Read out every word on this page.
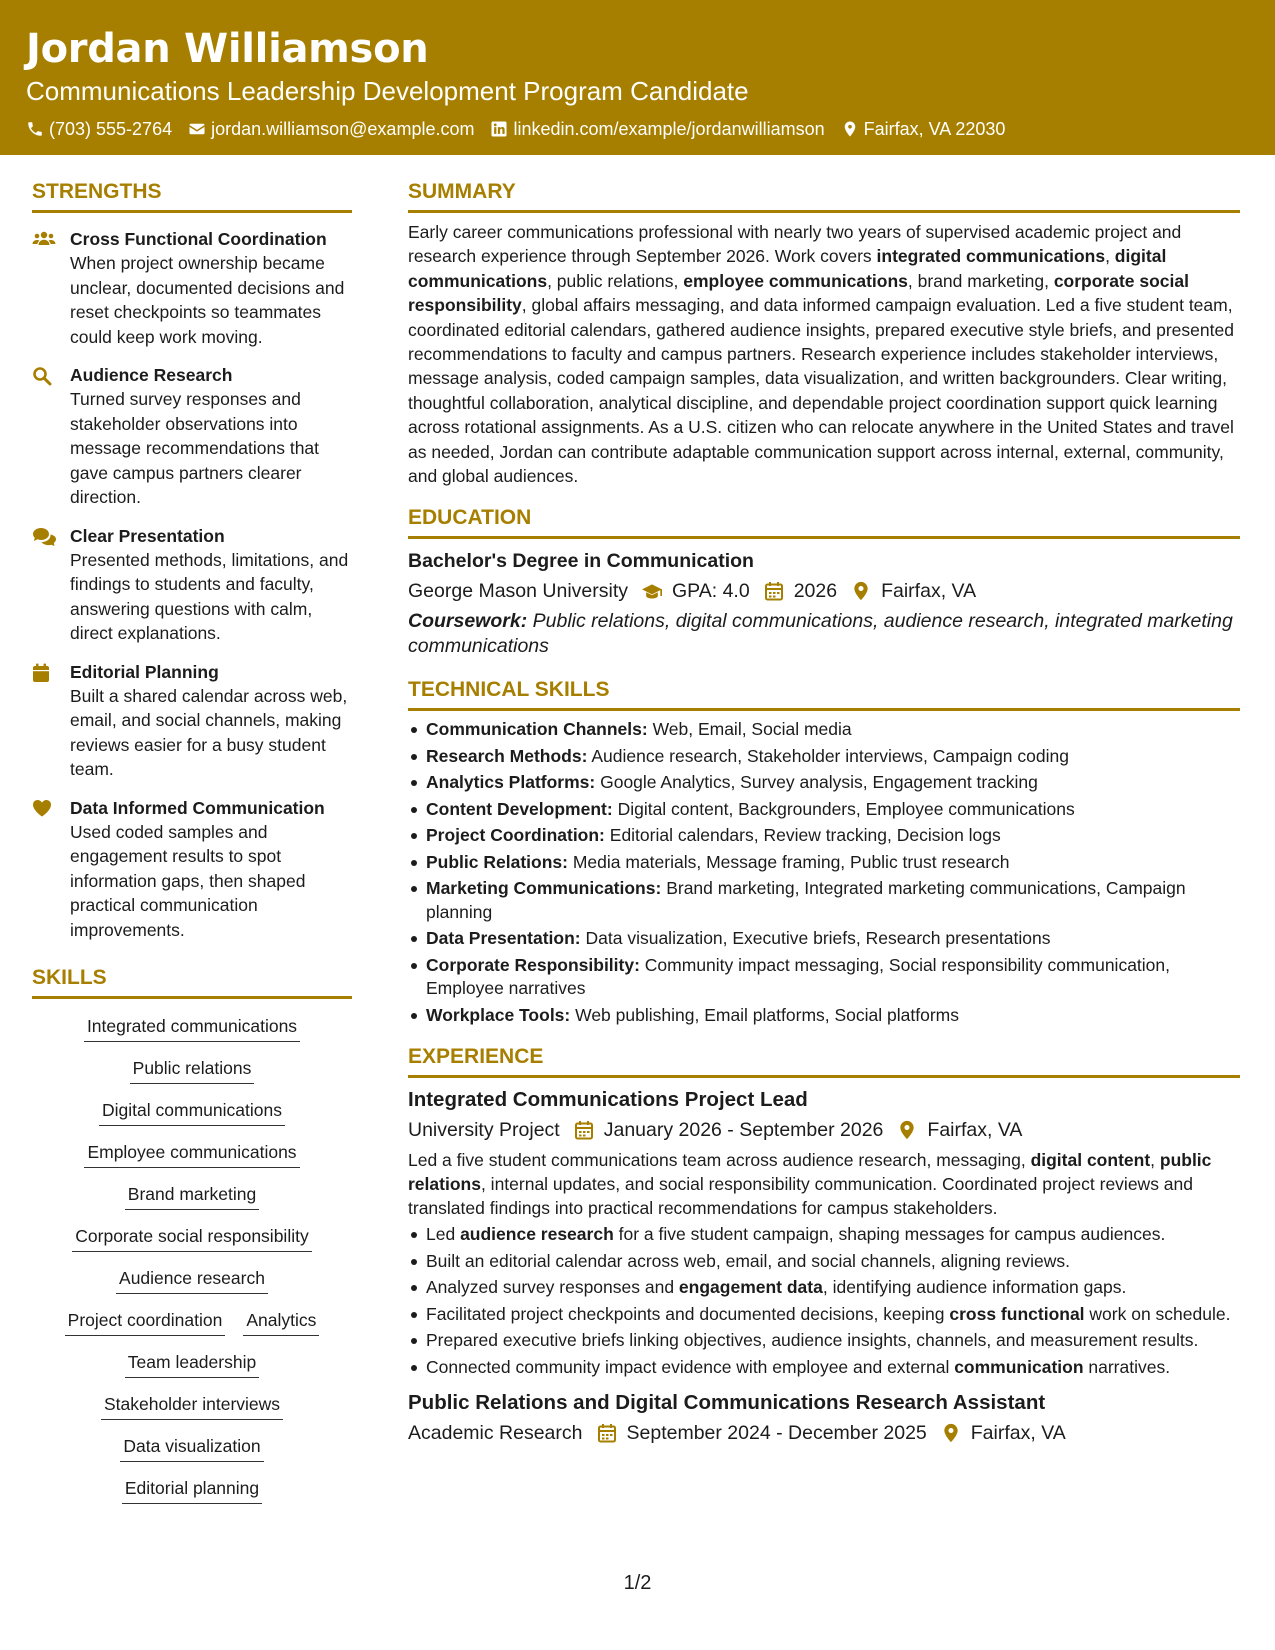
Jordan Williamson
Communications Leadership Development Program Candidate
(703) 555-2764 jordan.williamson@example.com linkedin.com/example/jordanwilliamson Fairfax, VA 22030
STRENGTHS
Cross Functional Coordination
When project ownership became unclear, documented decisions and reset checkpoints so teammates could keep work moving.
Audience Research
Turned survey responses and stakeholder observations into message recommendations that gave campus partners clearer direction.
Clear Presentation
Presented methods, limitations, and findings to students and faculty, answering questions with calm, direct explanations.
Editorial Planning
Built a shared calendar across web, email, and social channels, making reviews easier for a busy student team.
Data Informed Communication
Used coded samples and engagement results to spot information gaps, then shaped practical communication improvements.
SKILLS
Integrated communications
Public relations
Digital communications
Employee communications
Brand marketing
Corporate social responsibility
Audience research
Project coordination Analytics
Team leadership
Stakeholder interviews
Data visualization
Editorial planning
SUMMARY
Early career communications professional with nearly two years of supervised academic project and research experience through September 2026. Work covers integrated communications, digital communications, public relations, employee communications, brand marketing, corporate social responsibility, global affairs messaging, and data informed campaign evaluation. Led a five student team, coordinated editorial calendars, gathered audience insights, prepared executive style briefs, and presented recommendations to faculty and campus partners. Research experience includes stakeholder interviews, message analysis, coded campaign samples, data visualization, and written backgrounders. Clear writing, thoughtful collaboration, analytical discipline, and dependable project coordination support quick learning across rotational assignments. As a U.S. citizen who can relocate anywhere in the United States and travel as needed, Jordan can contribute adaptable communication support across internal, external, community, and global audiences.
EDUCATION
Bachelor's Degree in Communication
George Mason University GPA: 4.0 2026 Fairfax, VA
Coursework: Public relations, digital communications, audience research, integrated marketing communications
TECHNICAL SKILLS
Communication Channels: Web, Email, Social media
Research Methods: Audience research, Stakeholder interviews, Campaign coding
Analytics Platforms: Google Analytics, Survey analysis, Engagement tracking
Content Development: Digital content, Backgrounders, Employee communications
Project Coordination: Editorial calendars, Review tracking, Decision logs
Public Relations: Media materials, Message framing, Public trust research
Marketing Communications: Brand marketing, Integrated marketing communications, Campaign planning
Data Presentation: Data visualization, Executive briefs, Research presentations
Corporate Responsibility: Community impact messaging, Social responsibility communication, Employee narratives
Workplace Tools: Web publishing, Email platforms, Social platforms
EXPERIENCE
Integrated Communications Project Lead
University Project January 2026 - September 2026 Fairfax, VA
Led a five student communications team across audience research, messaging, digital content, public relations, internal updates, and social responsibility communication. Coordinated project reviews and translated findings into practical recommendations for campus stakeholders.
Led audience research for a five student campaign, shaping messages for campus audiences.
Built an editorial calendar across web, email, and social channels, aligning reviews.
Analyzed survey responses and engagement data, identifying audience information gaps.
Facilitated project checkpoints and documented decisions, keeping cross functional work on schedule.
Prepared executive briefs linking objectives, audience insights, channels, and measurement results.
Connected community impact evidence with employee and external communication narratives.
Public Relations and Digital Communications Research Assistant
Academic Research September 2024 - December 2025 Fairfax, VA
1/2
